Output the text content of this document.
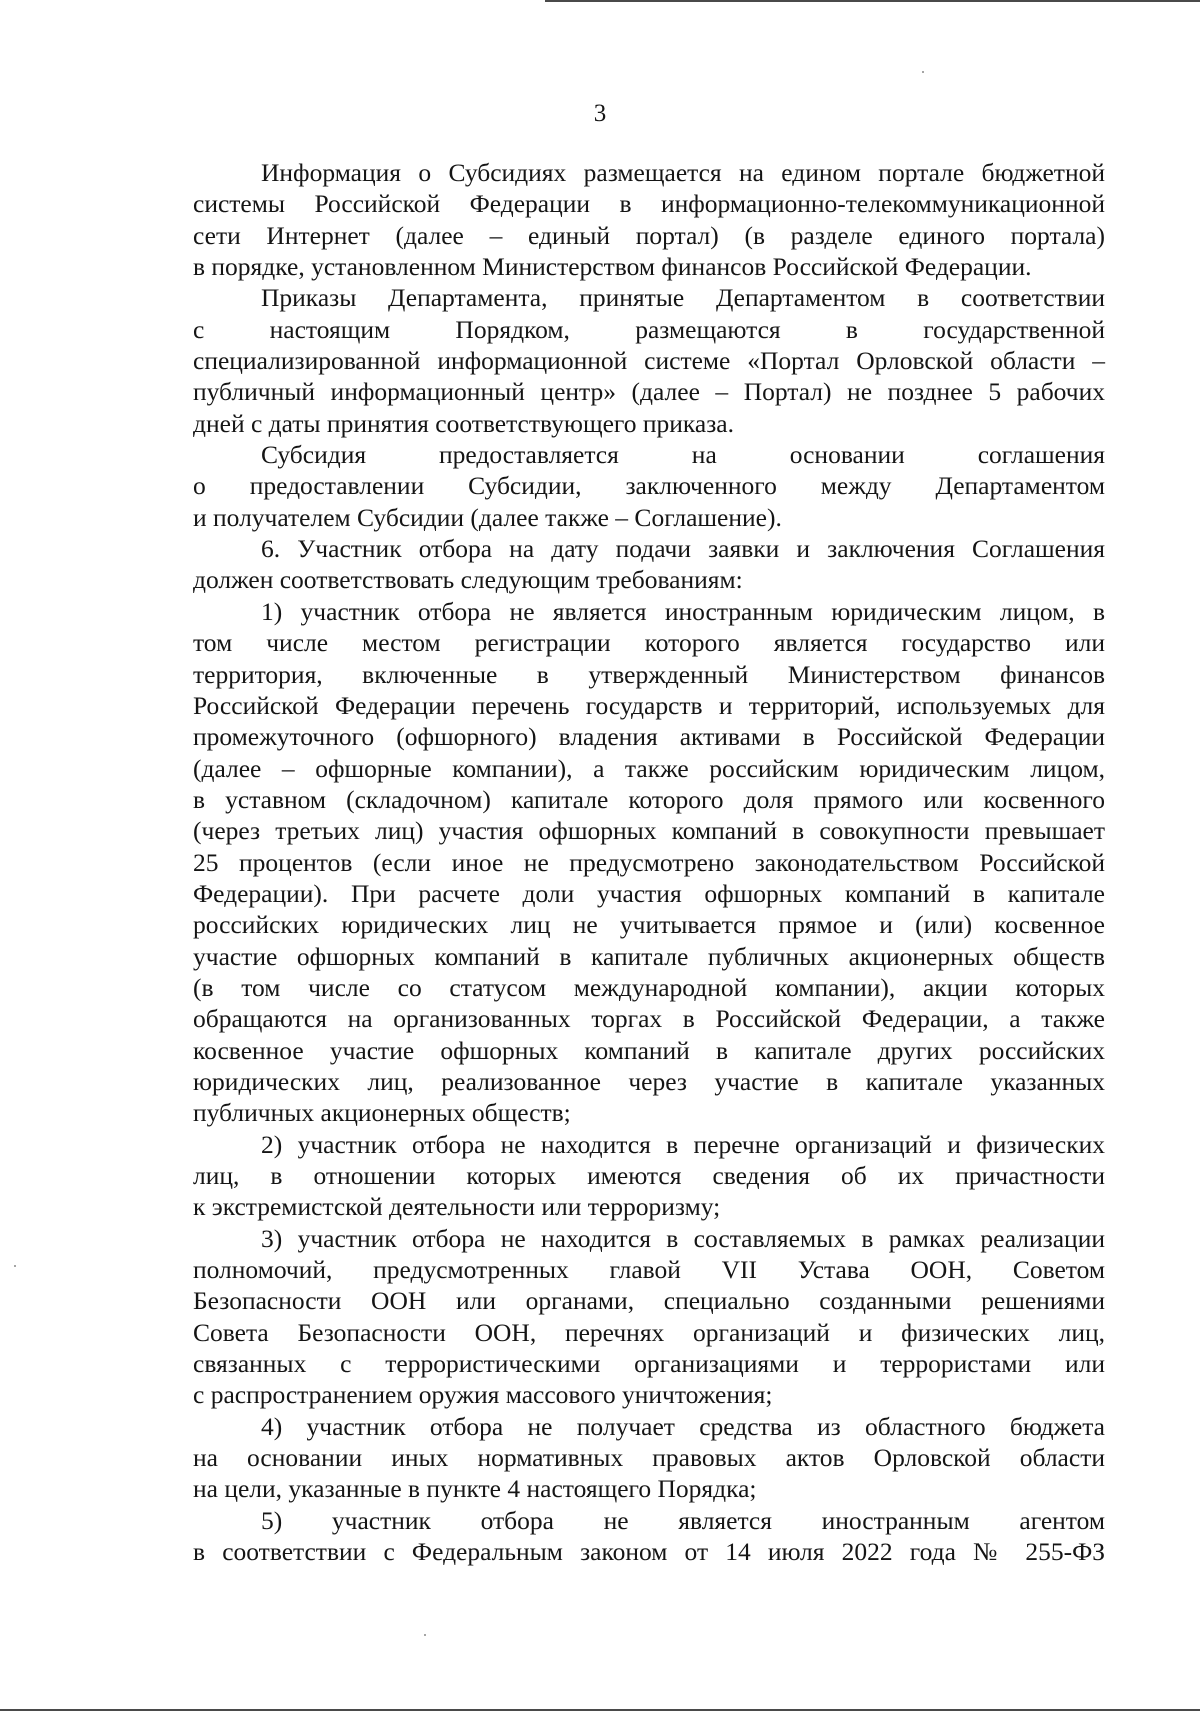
3
Информация о Субсидиях размещается на едином портале бюджетной
системы Российской Федерации в информационно-телекоммуникационной
сети Интернет (далее – единый портал) (в разделе единого портала)
в порядке, установленном Министерством финансов Российской Федерации.
Приказы Департамента, принятые Департаментом в соответствии
с настоящим Порядком, размещаются в государственной
специализированной информационной системе «Портал Орловской области –
публичный информационный центр» (далее – Портал) не позднее 5 рабочих
дней с даты принятия соответствующего приказа.
Субсидия предоставляется на основании соглашения
о предоставлении Субсидии, заключенного между Департаментом
и получателем Субсидии (далее также – Соглашение).
6. Участник отбора на дату подачи заявки и заключения Соглашения
должен соответствовать следующим требованиям:
1) участник отбора не является иностранным юридическим лицом, в
том числе местом регистрации которого является государство или
территория, включенные в утвержденный Министерством финансов
Российской Федерации перечень государств и территорий, используемых для
промежуточного (офшорного) владения активами в Российской Федерации
(далее – офшорные компании), а также российским юридическим лицом,
в уставном (складочном) капитале которого доля прямого или косвенного
(через третьих лиц) участия офшорных компаний в совокупности превышает
25 процентов (если иное не предусмотрено законодательством Российской
Федерации). При расчете доли участия офшорных компаний в капитале
российских юридических лиц не учитывается прямое и (или) косвенное
участие офшорных компаний в капитале публичных акционерных обществ
(в том числе со статусом международной компании), акции которых
обращаются на организованных торгах в Российской Федерации, а также
косвенное участие офшорных компаний в капитале других российских
юридических лиц, реализованное через участие в капитале указанных
публичных акционерных обществ;
2) участник отбора не находится в перечне организаций и физических
лиц, в отношении которых имеются сведения об их причастности
к экстремистской деятельности или терроризму;
3) участник отбора не находится в составляемых в рамках реализации
полномочий, предусмотренных главой VII Устава ООН, Советом
Безопасности ООН или органами, специально созданными решениями
Совета Безопасности ООН, перечнях организаций и физических лиц,
связанных с террористическими организациями и террористами или
с распространением оружия массового уничтожения;
4) участник отбора не получает средства из областного бюджета
на основании иных нормативных правовых актов Орловской области
на цели, указанные в пункте 4 настоящего Порядка;
5) участник отбора не является иностранным агентом
в соответствии с Федеральным законом от 14 июля 2022 года № 255-ФЗ
